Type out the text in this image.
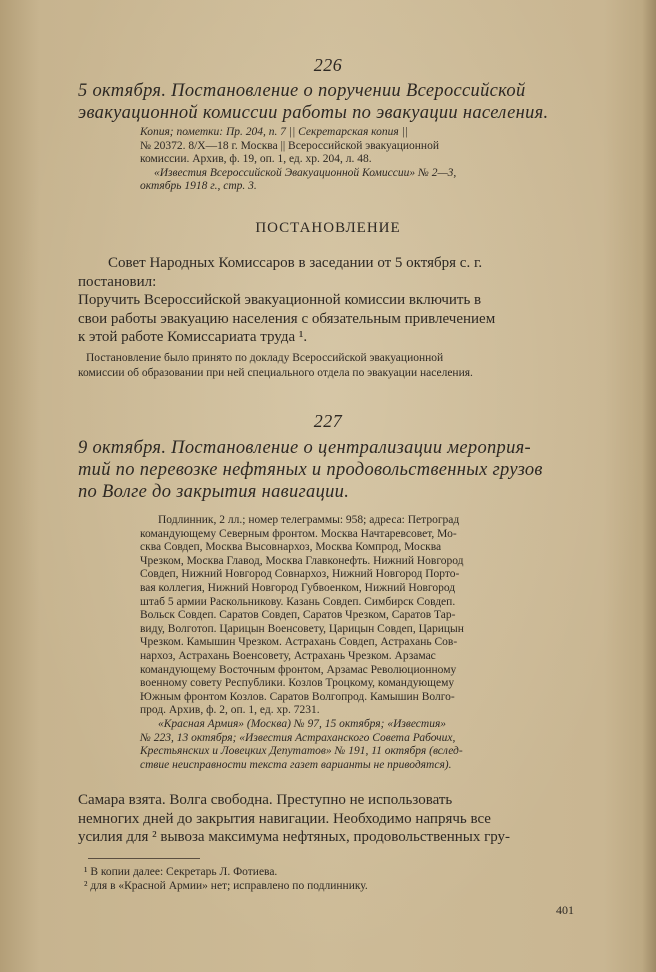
226
5 октября. Постановление о поручении Всероссийской
эвакуационной комиссии работы по эвакуации населения.
Копия; пометки: Пр. 204, п. 7 || Секретарская копия ||
№ 20372. 8/X—18 г. Москва || Всероссийской эвакуационной
комиссии. Архив, ф. 19, оп. 1, ед. хр. 204, л. 48.
«Известия Всероссийской Эвакуационной Комиссии» № 2—3,
октябрь 1918 г., стр. 3.
ПОСТАНОВЛЕНИЕ
Совет Народных Комиссаров в заседании от 5 октября с. г.
постановил:
Поручить Всероссийской эвакуационной комиссии включить в
свои работы эвакуацию населения с обязательным привлечением
к этой работе Комиссариата труда ¹.
Постановление было принято по докладу Всероссийской эвакуационной
комиссии об образовании при ней специального отдела по эвакуации населения.
227
9 октября. Постановление о централизации мероприя-
тий по перевозке нефтяных и продовольственных грузов
по Волге до закрытия навигации.
Подлинник, 2 лл.; номер телеграммы: 958; адреса: Петроград
командующему Северным фронтом. Москва Начтаревсовет, Мо-
сква Совдеп, Москва Высовнархоз, Москва Компрод, Москва
Чрезком, Москва Главод, Москва Главконефть. Нижний Новгород
Совдеп, Нижний Новгород Совнархоз, Нижний Новгород Порто-
вая коллегия, Нижний Новгород Губвоенком, Нижний Новгород
штаб 5 армии Раскольникову. Казань Совдеп. Симбирск Совдеп.
Вольск Совдеп. Саратов Совдеп, Саратов Чрезком, Саратов Тар-
виду, Волготоп. Царицын Военсовету, Царицын Совдеп, Царицын
Чрезком. Камышин Чрезком. Астрахань Совдеп, Астрахань Сов-
нархоз, Астрахань Военсовету, Астрахань Чрезком. Арзамас
командующему Восточным фронтом, Арзамас Революционному
военному совету Республики. Козлов Троцкому, командующему
Южным фронтом Козлов. Саратов Волгопрод. Камышин Волго-
прод. Архив, ф. 2, оп. 1, ед. хр. 7231.
«Красная Армия» (Москва) № 97, 15 октября; «Известия»
№ 223, 13 октября; «Известия Астраханского Совета Рабочих,
Крестьянских и Ловецких Депутатов» № 191, 11 октября (вслед-
ствие неисправности текста газет варианты не приводятся).
Самара взята. Волга свободна. Преступно не использовать
немногих дней до закрытия навигации. Необходимо напрячь все
усилия для ² вывоза максимума нефтяных, продовольственных гру-
¹ В копии далее: Секретарь Л. Фотиева.
² для в «Красной Армии» нет; исправлено по подлиннику.
401
